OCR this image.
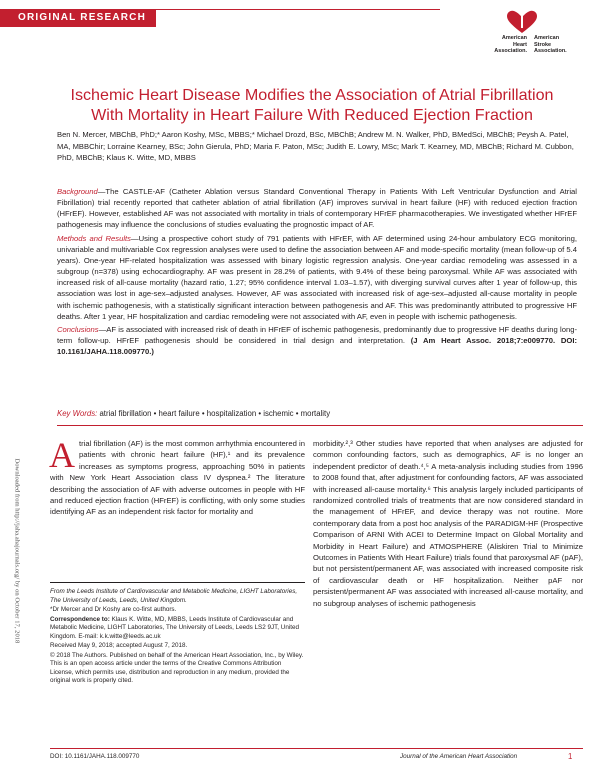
ORIGINAL RESEARCH
American
Heart
Association.
American
Stroke
Association.
Ischemic Heart Disease Modifies the Association of Atrial Fibrillation With Mortality in Heart Failure With Reduced Ejection Fraction
Ben N. Mercer, MBChB, PhD;* Aaron Koshy, MSc, MBBS;* Michael Drozd, BSc, MBChB; Andrew M. N. Walker, PhD, BMedSci, MBChB; Peysh A. Patel, MA, MBBChir; Lorraine Kearney, BSc; John Gierula, PhD; Maria F. Paton, MSc; Judith E. Lowry, MSc; Mark T. Kearney, MD, MBChB; Richard M. Cubbon, PhD, MBChB; Klaus K. Witte, MD, MBBS

Background—The CASTLE-AF (Catheter Ablation versus Standard Conventional Therapy in Patients With Left Ventricular Dysfunction and Atrial Fibrillation) trial recently reported that catheter ablation of atrial fibrillation (AF) improves survival in heart failure (HF) with reduced ejection fraction (HFrEF). However, established AF was not associated with mortality in trials of contemporary HFrEF pharmacotherapies. We investigated whether HFrEF pathogenesis may influence the conclusions of studies evaluating the prognostic impact of AF.

Methods and Results—Using a prospective cohort study of 791 patients with HFrEF, with AF determined using 24-hour ambulatory ECG monitoring, univariable and multivariable Cox regression analyses were used to define the association between AF and mode-specific mortality (mean follow-up of 5.4 years). One-year HF-related hospitalization was assessed with binary logistic regression analysis. One-year cardiac remodeling was assessed in a subgroup (n=378) using echocardiography. AF was present in 28.2% of patients, with 9.4% of these being paroxysmal. While AF was associated with increased risk of all-cause mortality (hazard ratio, 1.27; 95% confidence interval 1.03–1.57), with diverging survival curves after 1 year of follow-up, this association was lost in age-sex–adjusted analyses. However, AF was associated with increased risk of age-sex–adjusted all-cause mortality in people with ischemic pathogenesis, with a statistically significant interaction between pathogenesis and AF. This was predominantly attributed to progressive HF deaths. After 1 year, HF hospitalization and cardiac remodeling were not associated with AF, even in people with ischemic pathogenesis.

Conclusions—AF is associated with increased risk of death in HFrEF of ischemic pathogenesis, predominantly due to progressive HF deaths during long-term follow-up. HFrEF pathogenesis should be considered in trial design and interpretation. (J Am Heart Assoc. 2018;7:e009770. DOI: 10.1161/JAHA.118.009770.)

Key Words: atrial fibrillation • heart failure • hospitalization • ischemic • mortality
Downloaded from http://jaha.ahajournals.org/ by on October 17, 2018
A trial fibrillation (AF) is the most common arrhythmia encountered in patients with chronic heart failure (HF),¹ and its prevalence increases as symptoms progress, approaching 50% in patients with New York Heart Association class IV dyspnea.² The literature describing the association of AF with adverse outcomes in people with HF and reduced ejection fraction (HFrEF) is conflicting, with only some studies identifying AF as an independent risk factor for mortality and

morbidity.²,³ Other studies have reported that when analyses are adjusted for common confounding factors, such as demographics, AF is no longer an independent predictor of death.⁴,⁵ A meta-analysis including studies from 1996 to 2008 found that, after adjustment for confounding factors, AF was associated with increased all-cause mortality.⁶ This analysis largely included participants of randomized controlled trials of treatments that are now considered standard in the management of HFrEF, and device therapy was not routine. More contemporary data from a post hoc analysis of the PARADIGM-HF (Prospective Comparison of ARNI With ACEI to Determine Impact on Global Mortality and Morbidity in Heart Failure) and ATMOSPHERE (Aliskiren Trial to Minimize Outcomes in Patients With Heart Failure) trials found that paroxysmal AF (pAF), but not persistent/permanent AF, was associated with increased composite risk of cardiovascular death or HF hospitalization. Neither pAF nor persistent/permanent AF was associated with increased all-cause mortality, and no subgroup analyses of ischemic pathogenesis

From the Leeds Institute of Cardiovascular and Metabolic Medicine, LIGHT Laboratories, The University of Leeds, Leeds, United Kingdom.

*Dr Mercer and Dr Koshy are co-first authors.

Correspondence to: Klaus K. Witte, MD, MBBS, Leeds Institute of Cardiovascular and Metabolic Medicine, LIGHT Laboratories, The University of Leeds, Leeds LS2 9JT, United Kingdom. E-mail: k.k.witte@leeds.ac.uk

Received May 9, 2018; accepted August 7, 2018.

© 2018 The Authors. Published on behalf of the American Heart Association, Inc., by Wiley. This is an open access article under the terms of the Creative Commons Attribution License, which permits use, distribution and reproduction in any medium, provided the original work is properly cited.

DOI: 10.1161/JAHA.118.009770	Journal of the American Heart Association	1
